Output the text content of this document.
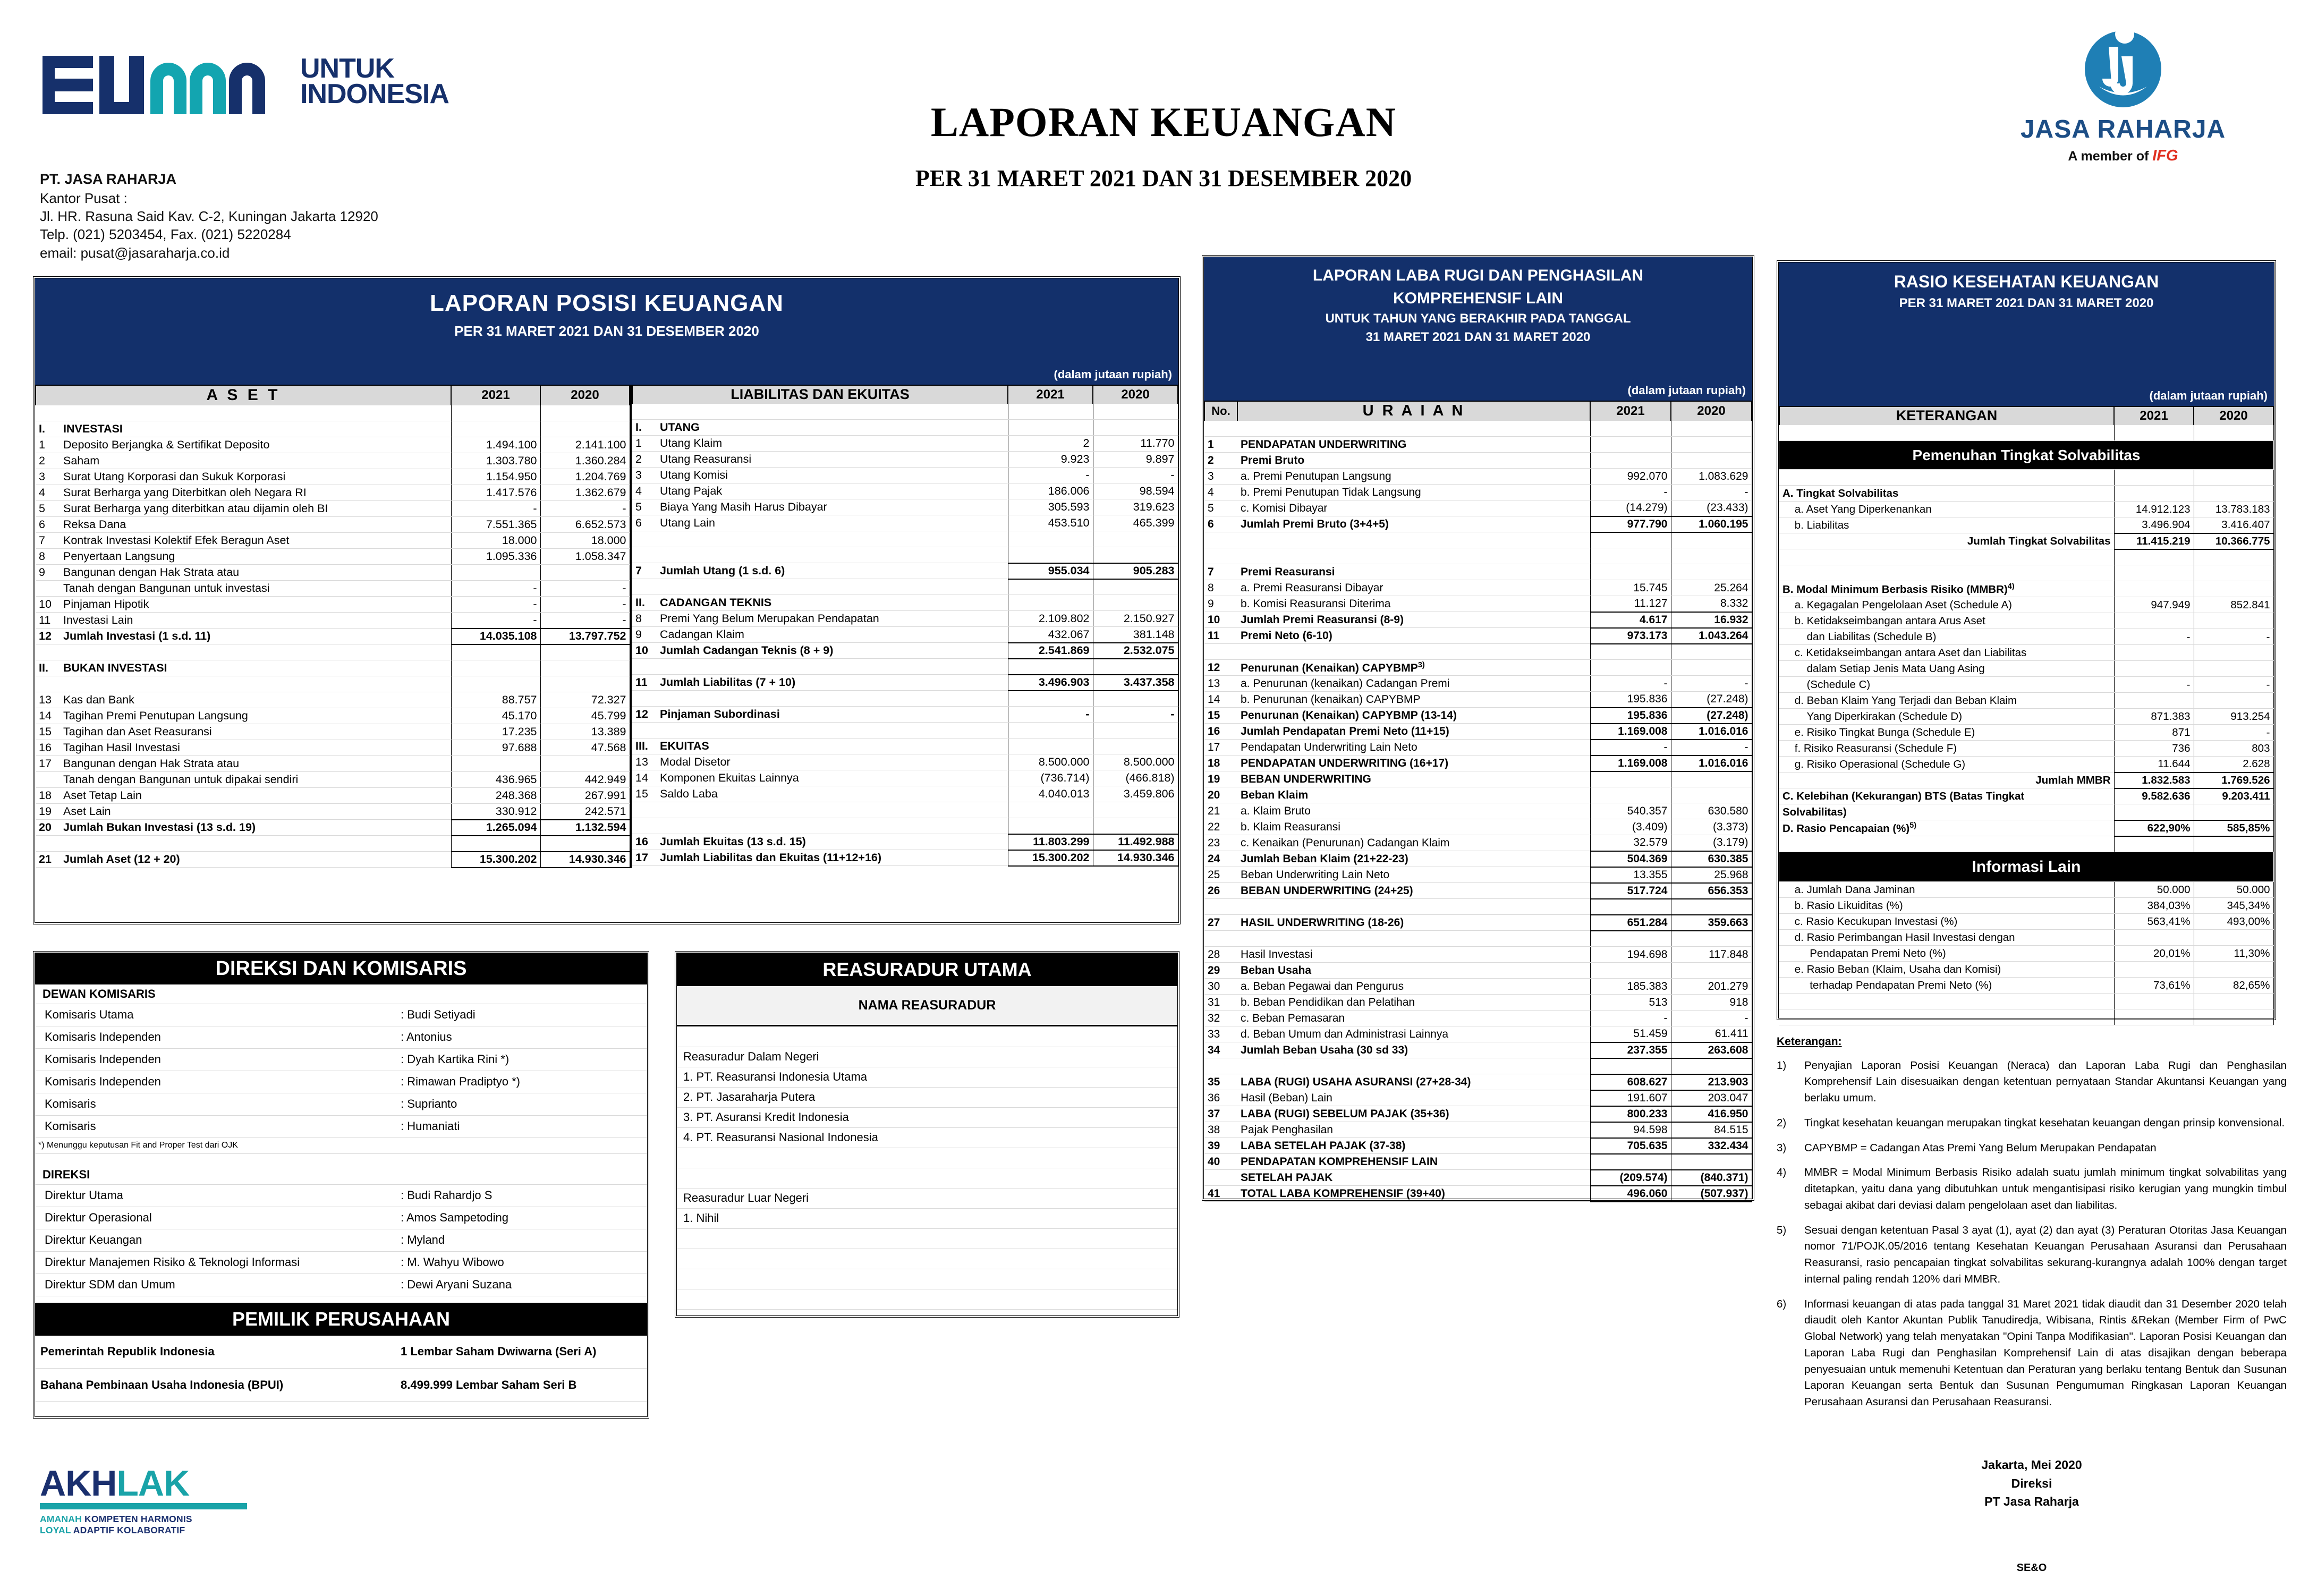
UNTUK
INDONESIA
PT. JASA RAHARJA
Kantor Pusat :
Jl. HR. Rasuna Said Kav. C-2, Kuningan Jakarta 12920
Telp. (021) 5203454, Fax. (021) 5220284
email: pusat@jasaraharja.co.id
LAPORAN KEUANGAN
PER 31 MARET 2021 DAN 31 DESEMBER 2020
JASA RAHARJA
A member of IFG
LAPORAN POSISI KEUANGAN
PER 31 MARET 2021 DAN 31 DESEMBER 2020
(dalam jutaan rupiah)
A S E T		2021	2020

I.	INVESTASI		
1	Deposito Berjangka & Sertifikat Deposito	1.494.100	2.141.100
2	Saham	1.303.780	1.360.284
3	Surat Utang Korporasi dan Sukuk Korporasi	1.154.950	1.204.769
4	Surat Berharga yang Diterbitkan oleh Negara RI	1.417.576	1.362.679
5	Surat Berharga yang diterbitkan atau dijamin oleh BI	-	-
6	Reksa Dana	7.551.365	6.652.573
7	Kontrak Investasi Kolektif Efek Beragun Aset	18.000	18.000
8	Penyertaan Langsung	1.095.336	1.058.347
9	Bangunan dengan Hak Strata atau		
	Tanah dengan Bangunan untuk investasi	-	-
10	Pinjaman Hipotik	-	-
11	Investasi Lain	-	-
12	Jumlah Investasi (1 s.d. 11)	14.035.108	13.797.752

II.	BUKAN INVESTASI		

13	Kas dan Bank	88.757	72.327
14	Tagihan Premi Penutupan Langsung	45.170	45.799
15	Tagihan dan Aset Reasuransi	17.235	13.389
16	Tagihan Hasil Investasi	97.688	47.568
17	Bangunan dengan Hak Strata atau		
	Tanah dengan Bangunan untuk dipakai sendiri	436.965	442.949
18	Aset Tetap Lain	248.368	267.991
19	Aset Lain	330.912	242.571
20	Jumlah Bukan Investasi (13 s.d. 19)	1.265.094	1.132.594

21	Jumlah Aset (12 + 20)	15.300.202	14.930.346
LIABILITAS DAN EKUITAS		2021	2020

I.	UTANG		
1	Utang Klaim	2	11.770
2	Utang Reasuransi	9.923	9.897
3	Utang Komisi	-	-
4	Utang Pajak	186.006	98.594
5	Biaya Yang Masih Harus Dibayar	305.593	319.623
6	Utang Lain	453.510	465.399

7	Jumlah Utang (1 s.d. 6)	955.034	905.283

II.	CADANGAN TEKNIS		
8	Premi Yang Belum Merupakan Pendapatan	2.109.802	2.150.927
9	Cadangan Klaim	432.067	381.148
10	Jumlah Cadangan Teknis (8 + 9)	2.541.869	2.532.075

11	Jumlah Liabilitas (7 + 10)	3.496.903	3.437.358

12	Pinjaman Subordinasi	-	-

III.	EKUITAS		
13	Modal Disetor	8.500.000	8.500.000
14	Komponen Ekuitas Lainnya	(736.714)	(466.818)
15	Saldo Laba	4.040.013	3.459.806

16	Jumlah Ekuitas (13 s.d. 15)	11.803.299	11.492.988
17	Jumlah Liabilitas dan Ekuitas (11+12+16)	15.300.202	14.930.346
LAPORAN LABA RUGI DAN PENGHASILAN
KOMPREHENSIF LAIN
UNTUK TAHUN YANG BERAKHIR PADA TANGGAL
31 MARET 2021 DAN 31 MARET 2020
(dalam jutaan rupiah)
No.	U R A I A N	2021	2020

1	PENDAPATAN UNDERWRITING		
2	Premi Bruto		
3	a. Premi Penutupan Langsung	992.070	1.083.629
4	b. Premi Penutupan Tidak Langsung	-	-
5	c. Komisi Dibayar	(14.279)	(23.433)
6	Jumlah Premi Bruto (3+4+5)	977.790	1.060.195

7	Premi Reasuransi		
8	a. Premi Reasuransi Dibayar	15.745	25.264
9	b. Komisi Reasuransi Diterima	11.127	8.332
10	Jumlah Premi Reasuransi (8-9)	4.617	16.932
11	Premi Neto (6-10)	973.173	1.043.264

12	Penurunan (Kenaikan) CAPYBMP$^{3)}$		
13	a. Penurunan (kenaikan) Cadangan Premi	-	-
14	b. Penurunan (kenaikan) CAPYBMP	195.836	(27.248)
15	Penurunan (Kenaikan) CAPYBMP (13-14)	195.836	(27.248)
16	Jumlah Pendapatan Premi Neto (11+15)	1.169.008	1.016.016
17	Pendapatan Underwriting Lain Neto	-	-
18	PENDAPATAN UNDERWRITING (16+17)	1.169.008	1.016.016
19	BEBAN UNDERWRITING		
20	Beban Klaim		
21	a. Klaim Bruto	540.357	630.580
22	b. Klaim Reasuransi	(3.409)	(3.373)
23	c. Kenaikan (Penurunan) Cadangan Klaim	32.579	(3.179)
24	Jumlah Beban Klaim (21+22-23)	504.369	630.385
25	Beban Underwriting Lain Neto	13.355	25.968
26	BEBAN UNDERWRITING (24+25)	517.724	656.353

27	HASIL UNDERWRITING (18-26)	651.284	359.663

28	Hasil Investasi	194.698	117.848
29	Beban Usaha		
30	a. Beban Pegawai dan Pengurus	185.383	201.279
31	b. Beban Pendidikan dan Pelatihan	513	918
32	c. Beban Pemasaran	-	-
33	d. Beban Umum dan Administrasi Lainnya	51.459	61.411
34	Jumlah Beban Usaha (30 sd 33)	237.355	263.608

35	LABA (RUGI) USAHA ASURANSI (27+28-34)	608.627	213.903
36	Hasil (Beban) Lain	191.607	203.047
37	LABA (RUGI) SEBELUM PAJAK (35+36)	800.233	416.950
38	Pajak Penghasilan	94.598	84.515
39	LABA SETELAH PAJAK (37-38)	705.635	332.434
40	PENDAPATAN KOMPREHENSIF LAIN		
	SETELAH PAJAK	(209.574)	(840.371)
41	TOTAL LABA KOMPREHENSIF (39+40)	496.060	(507.937)
RASIO KESEHATAN KEUANGAN
PER 31 MARET 2021 DAN 31 MARET 2020
(dalam jutaan rupiah)
KETERANGAN	2021	2020

Pemenuhan Tingkat Solvabilitas		

A. Tingkat Solvabilitas		
a. Aset Yang Diperkenankan	14.912.123	13.783.183
b. Liabilitas	3.496.904	3.416.407
Jumlah Tingkat Solvabilitas	11.415.219	10.366.775

B. Modal Minimum Berbasis Risiko (MMBR)$^{4)}$		
a. Kegagalan Pengelolaan Aset (Schedule A)	947.949	852.841
b. Ketidakseimbangan antara Arus Aset		
dan Liabilitas (Schedule B)	-	-
c. Ketidakseimbangan antara Aset dan Liabilitas		
dalam Setiap Jenis Mata Uang Asing		
(Schedule C)	-	-
d. Beban Klaim Yang Terjadi dan Beban Klaim		
Yang Diperkirakan (Schedule D)	871.383	913.254
e. Risiko Tingkat Bunga (Schedule E)	871	-
f. Risiko Reasuransi (Schedule F)	736	803
g. Risiko Operasional (Schedule G)	11.644	2.628
Jumlah MMBR	1.832.583	1.769.526
C. Kelebihan (Kekurangan) BTS (Batas Tingkat	9.582.636	9.203.411
Solvabilitas)		
D. Rasio Pencapaian (%)$^{5)}$	622,90%	585,85%

Informasi Lain		
a. Jumlah Dana Jaminan	50.000	50.000
b. Rasio Likuiditas (%)	384,03%	345,34%
c. Rasio Kecukupan Investasi (%)	563,41%	493,00%
d. Rasio Perimbangan Hasil Investasi dengan		
Pendapatan Premi Neto (%)	20,01%	11,30%
e. Rasio Beban (Klaim, Usaha dan Komisi)		
terhadap Pendapatan Premi Neto (%)	73,61%	82,65%

DIREKSI DAN KOMISARIS
DEWAN KOMISARIS	
Komisaris Utama	: Budi Setiyadi
Komisaris Independen	: Antonius
Komisaris Independen	: Dyah Kartika Rini *)
Komisaris Independen	: Rimawan Pradiptyo *)
Komisaris	: Suprianto
Komisaris	: Humaniati
*) Menunggu keputusan Fit and Proper Test dari OJK	

DIREKSI	
Direktur Utama	: Budi Rahardjo S
Direktur Operasional	: Amos Sampetoding
Direktur Keuangan	: Myland
Direktur Manajemen Risiko & Teknologi Informasi	: M. Wahyu Wibowo
Direktur SDM dan Umum	: Dewi Aryani Suzana
PEMILIK PERUSAHAAN
Pemerintah Republik Indonesia	1 Lembar Saham Dwiwarna (Seri A)
Bahana Pembinaan Usaha Indonesia (BPUI)	8.499.999 Lembar Saham Seri B
REASURADUR UTAMA
NAMA REASURADUR

Reasuradur Dalam Negeri
1. PT. Reasuransi Indonesia Utama
2. PT. Jasaraharja Putera
3. PT. Asuransi Kredit Indonesia
4. PT. Reasuransi Nasional Indonesia

Reasuradur Luar Negeri
1. Nihil

Keterangan:
1)	Penyajian Laporan Posisi Keuangan (Neraca) dan Laporan Laba Rugi dan Penghasilan Komprehensif Lain disesuaikan dengan ketentuan pernyataan Standar Akuntansi Keuangan yang berlaku umum.
2)	Tingkat kesehatan keuangan merupakan tingkat kesehatan keuangan dengan prinsip konvensional.
3)	CAPYBMP = Cadangan Atas Premi Yang Belum Merupakan Pendapatan
4)	MMBR = Modal Minimum Berbasis Risiko adalah suatu jumlah minimum tingkat solvabilitas yang ditetapkan, yaitu dana yang dibutuhkan untuk mengantisipasi risiko kerugian yang mungkin timbul sebagai akibat dari deviasi dalam pengelolaan aset dan liabilitas.
5)	Sesuai dengan ketentuan Pasal 3 ayat (1), ayat (2) dan ayat (3) Peraturan Otoritas Jasa Keuangan nomor 71/POJK.05/2016 tentang Kesehatan Keuangan Perusahaan Asuransi dan Perusahaan Reasuransi, rasio pencapaian tingkat solvabilitas sekurang-kurangnya adalah 100% dengan target internal paling rendah 120% dari MMBR.
6)	Informasi keuangan di atas pada tanggal 31 Maret 2021 tidak diaudit dan 31 Desember 2020 telah diaudit oleh Kantor Akuntan Publik Tanudiredja, Wibisana, Rintis &Rekan (Member Firm of PwC Global Network) yang telah menyatakan "Opini Tanpa Modifikasian". Laporan Posisi Keuangan dan Laporan Laba Rugi dan Penghasilan Komprehensif Lain di atas disajikan dengan beberapa penyesuaian untuk memenuhi Ketentuan dan Peraturan yang berlaku tentang Bentuk dan Susunan Laporan Keuangan serta Bentuk dan Susunan Pengumuman Ringkasan Laporan Keuangan Perusahaan Asuransi dan Perusahaan Reasuransi.
Jakarta, Mei 2020
Direksi
PT Jasa Raharja
SE&O
AKHLAK
AMANAH KOMPETEN HARMONIS
LOYAL ADAPTIF KOLABORATIF
